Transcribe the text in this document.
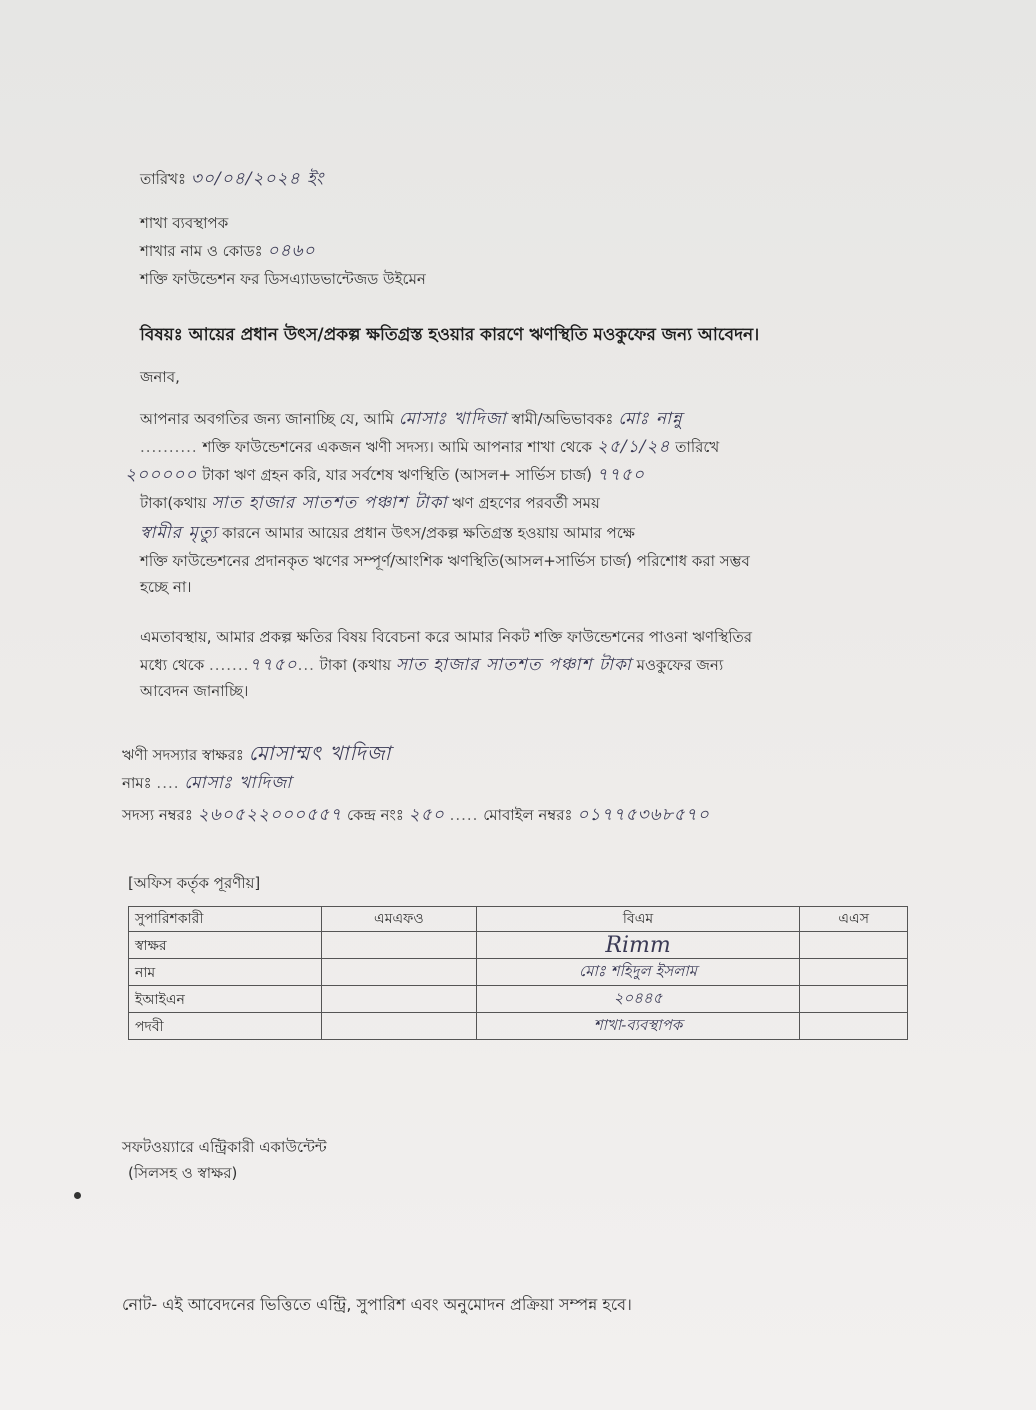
তারিখঃ ৩০/০৪/২০২৪ ইং
শাখা ব্যবস্থাপক
শাখার নাম ও কোডঃ ০৪৬০
শক্তি ফাউন্ডেশন ফর ডিসএ্যাডভান্টেজড উইমেন
বিষয়ঃ আয়ের প্রধান উৎস/প্রকল্প ক্ষতিগ্রস্ত হওয়ার কারণে ঋণস্থিতি মওকুফের জন্য আবেদন।
জনাব,
আপনার অবগতির জন্য জানাচ্ছি যে, আমি মোসাঃ খাদিজা স্বামী/অভিভাবকঃ মোঃ নান্নু
.......... শক্তি ফাউন্ডেশনের একজন ঋণী সদস্য। আমি আপনার শাখা থেকে ২৫/১/২৪ তারিখে
২০০০০০ টাকা ঋণ গ্রহন করি, যার সর্বশেষ ঋণস্থিতি (আসল+ সার্ভিস চার্জ) ৭৭৫০
টাকা(কথায় সাত হাজার সাতশত পঞ্চাশ টাকা ঋণ গ্রহণের পরবর্তী সময়
স্বামীর মৃত্যু কারনে আমার আয়ের প্রধান উৎস/প্রকল্প ক্ষতিগ্রস্ত হওয়ায় আমার পক্ষে
শক্তি ফাউন্ডেশনের প্রদানকৃত ঋণের সম্পূর্ণ/আংশিক ঋণস্থিতি(আসল+সার্ভিস চার্জ) পরিশোধ করা সম্ভব
হচ্ছে না।
এমতাবস্থায়, আমার প্রকল্প ক্ষতির বিষয় বিবেচনা করে আমার নিকট শক্তি ফাউন্ডেশনের পাওনা ঋণস্থিতির
মধ্যে থেকে .......৭৭৫০... টাকা (কথায় সাত হাজার সাতশত পঞ্চাশ টাকা মওকুফের জন্য
আবেদন জানাচ্ছি।
ঋণী সদস্যার স্বাক্ষরঃ মোসাম্মৎ খাদিজা
নামঃ .... মোসাঃ খাদিজা
সদস্য নম্বরঃ ২৬০৫২২০০০৫৫৭ কেন্দ্র নংঃ ২৫০ ..... মোবাইল নম্বরঃ ০১৭৭৫৩৬৮৫৭০
[অফিস কর্তৃক পূরণীয়]
সুপারিশকারী	এমএফও	বিএম	এএস
স্বাক্ষর		Rimm	
নাম		মোঃ শহিদুল ইসলাম	
ইআইএন		২০৪৪৫	
পদবী		শাখা-ব্যবস্থাপক	
সফটওয়্যারে এন্ট্রিকারী একাউন্টেন্ট
(সিলসহ ও স্বাক্ষর)
নোট- এই আবেদনের ভিত্তিতে এন্ট্রি, সুপারিশ এবং অনুমোদন প্রক্রিয়া সম্পন্ন হবে।
